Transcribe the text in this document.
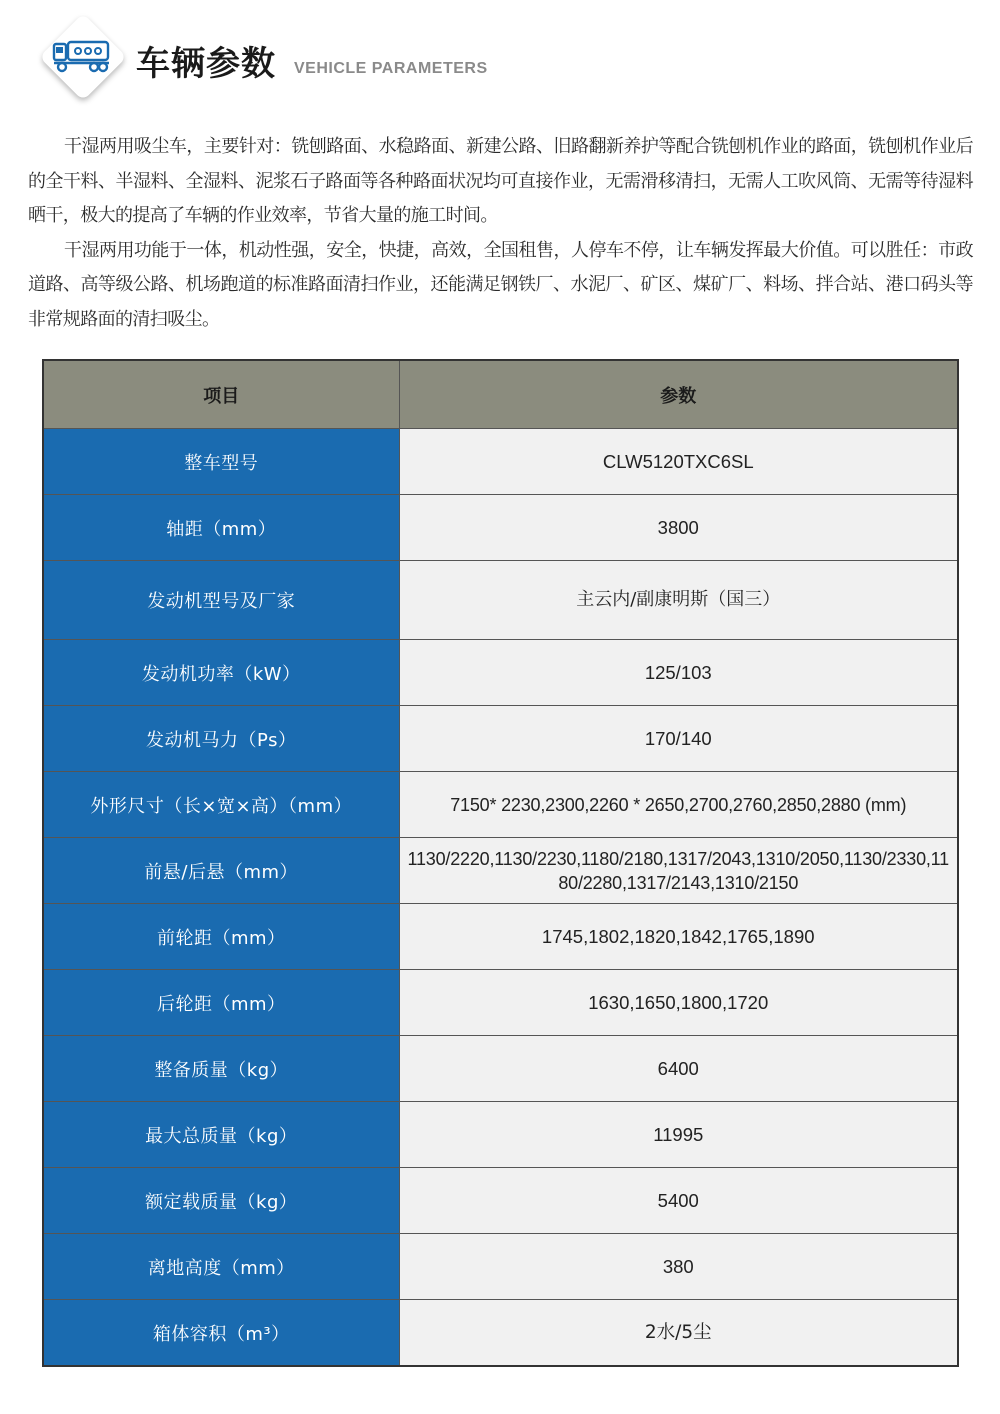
车辆参数 VEHICLE PARAMETERS

干湿两用吸尘车，主要针对：铣刨路面、水稳路面、新建公路、旧路翻新养护等配合铣刨机作业的路面，铣刨机作业后的全干料、半湿料、全湿料、泥浆石子路面等各种路面状况均可直接作业，无需滑移清扫，无需人工吹风筒、无需等待湿料晒干，极大的提高了车辆的作业效率，节省大量的施工时间。

干湿两用功能于一体，机动性强，安全，快捷，高效，全国租售，人停车不停，让车辆发挥最大价值。可以胜任：市政道路、高等级公路、机场跑道的标准路面清扫作业，还能满足钢铁厂、水泥厂、矿区、煤矿厂、料场、拌合站、港口码头等非常规路面的清扫吸尘。

项目	参数
整车型号	CLW5120TXC6SL
轴距（mm）	3800
发动机型号及厂家	主云内/副康明斯（国三）
发动机功率（kW）	125/103
发动机马力（Ps）	170/140
外形尺寸（长×宽×高）（mm）	7150* 2230,2300,2260 * 2650,2700,2760,2850,2880 (mm)
前悬/后悬（mm）	1130/2220,1130/2230,1180/2180,1317/2043,1310/2050,1130/2330,1180/2280,1317/2143,1310/2150
前轮距（mm）	1745,1802,1820,1842,1765,1890
后轮距（mm）	1630,1650,1800,1720
整备质量（kg）	6400
最大总质量（kg）	11995
额定载质量（kg）	5400
离地高度（mm）	380
箱体容积（m³）	2水/5尘
